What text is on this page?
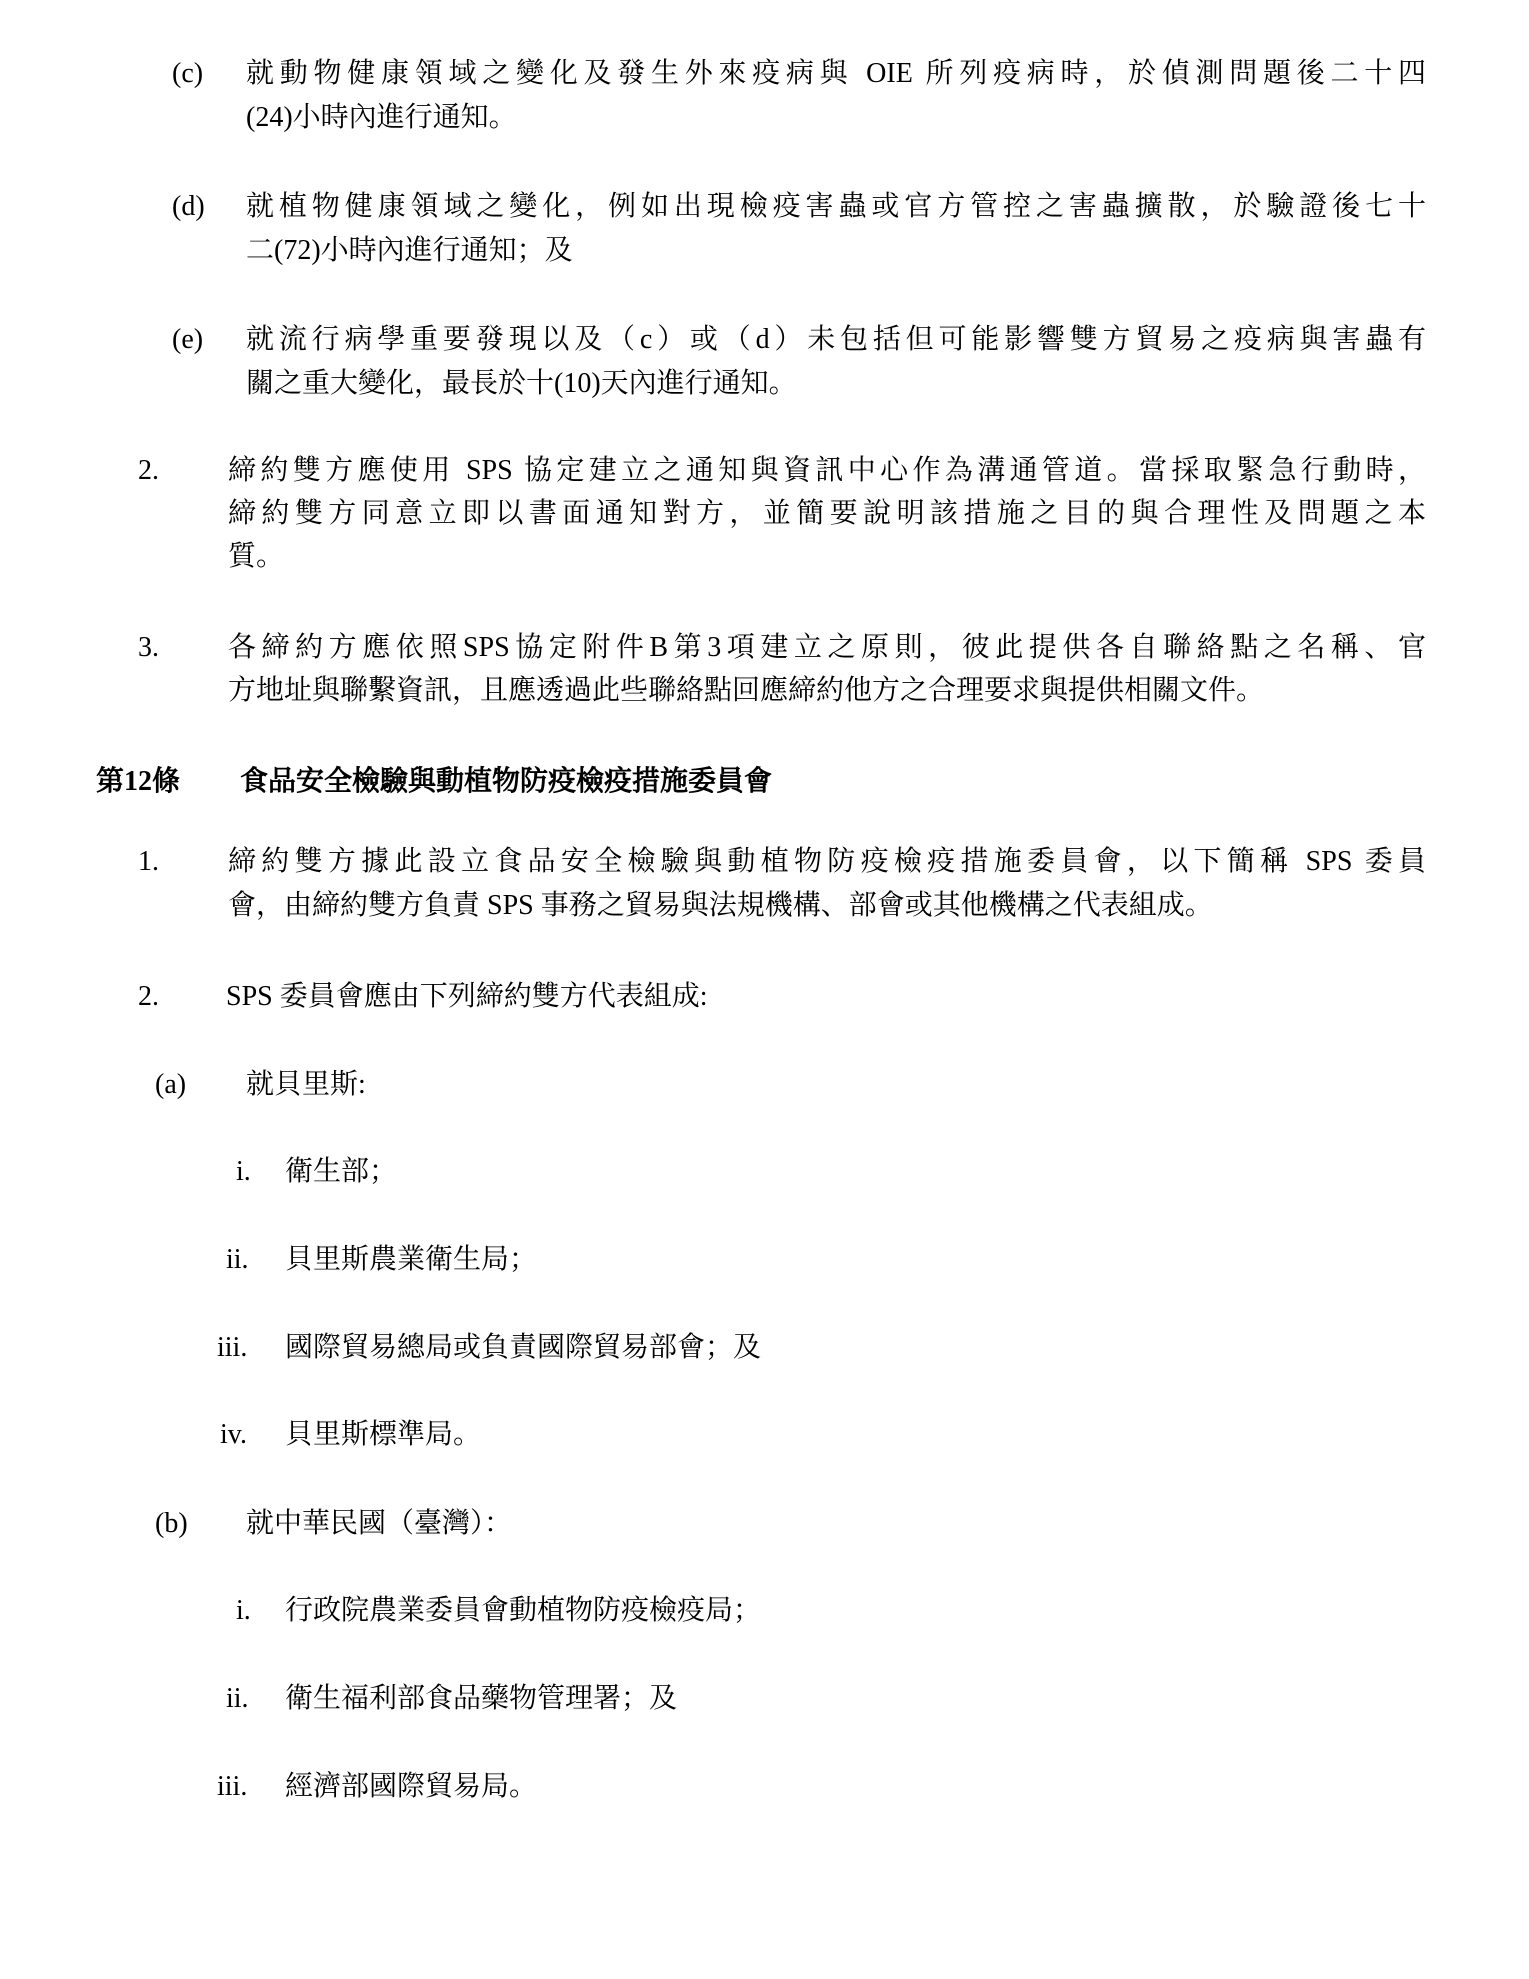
(c) 就動物健康領域之變化及發生外來疫病與 OIE 所列疫病時，於偵測問題後二十四
(24)小時內進行通知。
(d) 就植物健康領域之變化，例如出現檢疫害蟲或官方管控之害蟲擴散，於驗證後七十
二(72)小時內進行通知；及
(e) 就流行病學重要發現以及（c）或（d）未包括但可能影響雙方貿易之疫病與害蟲有
關之重大變化，最長於十(10)天內進行通知。
2. 締約雙方應使用 SPS 協定建立之通知與資訊中心作為溝通管道。當採取緊急行動時，
締約雙方同意立即以書面通知對方，並簡要說明該措施之目的與合理性及問題之本
質。
3. 各締約方應依照SPS協定附件B第3項建立之原則，彼此提供各自聯絡點之名稱、官
方地址與聯繫資訊，且應透過此些聯絡點回應締約他方之合理要求與提供相關文件。
第12條 食品安全檢驗與動植物防疫檢疫措施委員會
1. 締約雙方據此設立食品安全檢驗與動植物防疫檢疫措施委員會，以下簡稱 SPS 委員
會，由締約雙方負責 SPS 事務之貿易與法規機構、部會或其他機構之代表組成。
2. SPS 委員會應由下列締約雙方代表組成:
(a) 就貝里斯:
i. 衛生部；
ii. 貝里斯農業衛生局；
iii. 國際貿易總局或負責國際貿易部會；及
iv. 貝里斯標準局。
(b) 就中華民國（臺灣）：
i. 行政院農業委員會動植物防疫檢疫局；
ii. 衛生福利部食品藥物管理署；及
iii. 經濟部國際貿易局。
